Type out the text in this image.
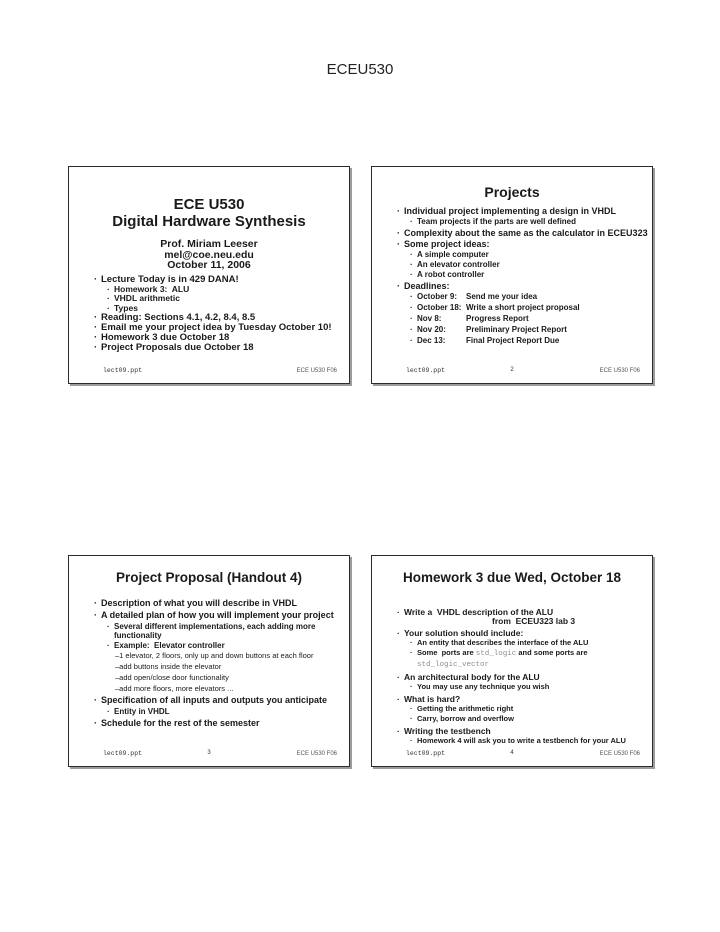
ECEU530
ECE U530
Digital Hardware Synthesis
Prof. Miriam Leeser
mel@coe.neu.edu
October 11, 2006
· Lecture Today is in 429 DANA!
· Homework 3:  ALU
· VHDL arithmetic
· Types
· Reading: Sections 4.1, 4.2, 8.4, 8.5
· Email me your project idea by Tuesday October 10!
· Homework 3 due October 18
· Project Proposals due October 18
lect09.ppt	ECE U530 F06
Projects
· Individual project implementing a design in VHDL
· Team projects if the parts are well defined
· Complexity about the same as the calculator in ECEU323
· Some project ideas:
· A simple computer
· An elevator controller
· A robot controller
· Deadlines:
· October 9:	Send me your idea
· October 18: Write a short project proposal
· Nov 8:	Progress Report
· Nov 20:	Preliminary Project Report
· Dec 13:	Final Project Report Due
lect09.ppt	2	ECE U530 F06
Project Proposal (Handout 4)
· Description of what you will describe in VHDL
· A detailed plan of how you will implement your project
· Several different implementations, each adding more functionality
· Example:  Elevator controller
–1 elevator, 2 floors, only up and down buttons at each floor
–add buttons inside the elevator
–add open/close door functionality
–add more floors, more elevators ...
· Specification of all inputs and outputs you anticipate
· Entity in VHDL
· Schedule for the rest of the semester
lect09.ppt	3	ECE U530 F06
Homework 3 due Wed, October 18
· Write a  VHDL description of the ALU
from  ECEU323 lab 3
· Your solution should include:
· An entity that describes the interface of the ALU
· Some  ports are std_logic and some ports are std_logic_vector
· An architectural body for the ALU
· You may use any technique you wish
· What is hard?
· Getting the arithmetic right
· Carry, borrow and overflow
· Writing the testbench
· Homework 4 will ask you to write a testbench for your ALU
lect09.ppt	4	ECE U530 F06
